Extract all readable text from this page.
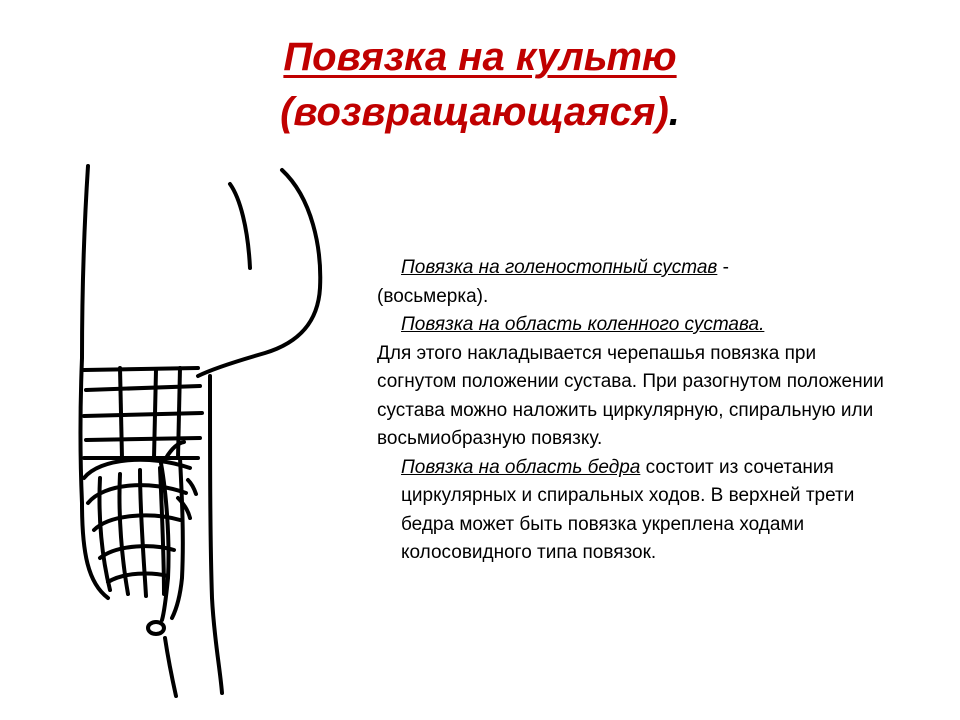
Повязка на культю
(возвращающаяся).

Повязка на голеностопный сустав -

(восьмерка).

Повязка на область коленного сустава.

Для этого накладывается черепашья повязка при согнутом положении сустава. При разогнутом положении сустава можно наложить циркулярную, спиральную или восьмиобразную повязку.

Повязка на область бедра состоит из сочетания циркулярных и спиральных ходов. В верхней трети бедра может быть повязка укреплена ходами колосовидного типа повязок.
